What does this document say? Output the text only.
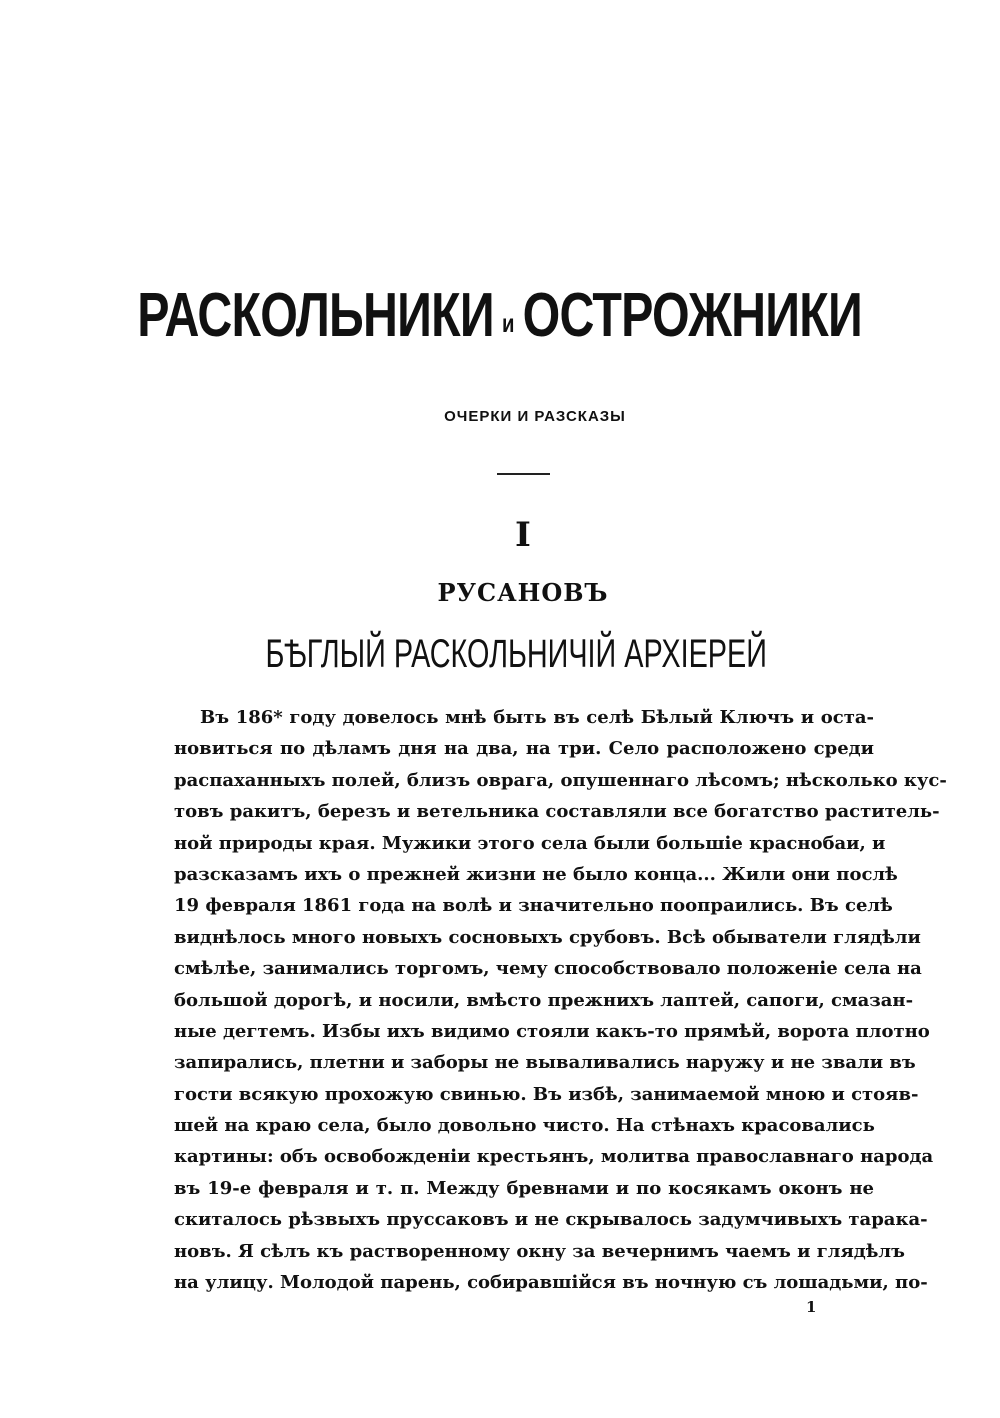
РАСКОЛЬНИКИ и ОСТРОЖНИКИ
ОЧЕРКИ И РАЗСКАЗЫ
I
РУСАНОВЪ
БѢГЛЫЙ РАСКОЛЬНИЧІЙ АРХІЕРЕЙ
Въ 186* году довелось мнѣ быть въ селѣ Бѣлый Ключъ и оста-
новиться по дѣламъ дня на два, на три. Село расположено среди
распаханныхъ полей, близъ оврага, опушеннаго лѣсомъ; нѣсколько кус-
товъ ракитъ, березъ и ветельника составляли все богатство раститель-
ной природы края. Мужики этого села были большіе краснобаи, и
разсказамъ ихъ о прежней жизни не было конца... Жили они послѣ
19 февраля 1861 года на волѣ и значительно поопраились. Въ селѣ
виднѣлось много новыхъ сосновыхъ срубовъ. Всѣ обыватели глядѣли
смѣлѣе, занимались торгомъ, чему способствовало положеніе села на
большой дорогѣ, и носили, вмѣсто прежнихъ лаптей, сапоги, смазан-
ные дегтемъ. Избы ихъ видимо стояли какъ-то прямѣй, ворота плотно
запирались, плетни и заборы не вываливались наружу и не звали въ
гости всякую прохожую свинью. Въ избѣ, занимаемой мною и стояв-
шей на краю села, было довольно чисто. На стѣнахъ красовались
картины: объ освобожденіи крестьянъ, молитва православнаго народа
въ 19-е февраля и т. п. Между бревнами и по косякамъ оконъ не
скиталось рѣзвыхъ пруссаковъ и не скрывалось задумчивыхъ тарака-
новъ. Я сѣлъ къ растворенному окну за вечернимъ чаемъ и глядѣлъ
на улицу. Молодой парень, собиравшійся въ ночную съ лошадьми, по-
1
